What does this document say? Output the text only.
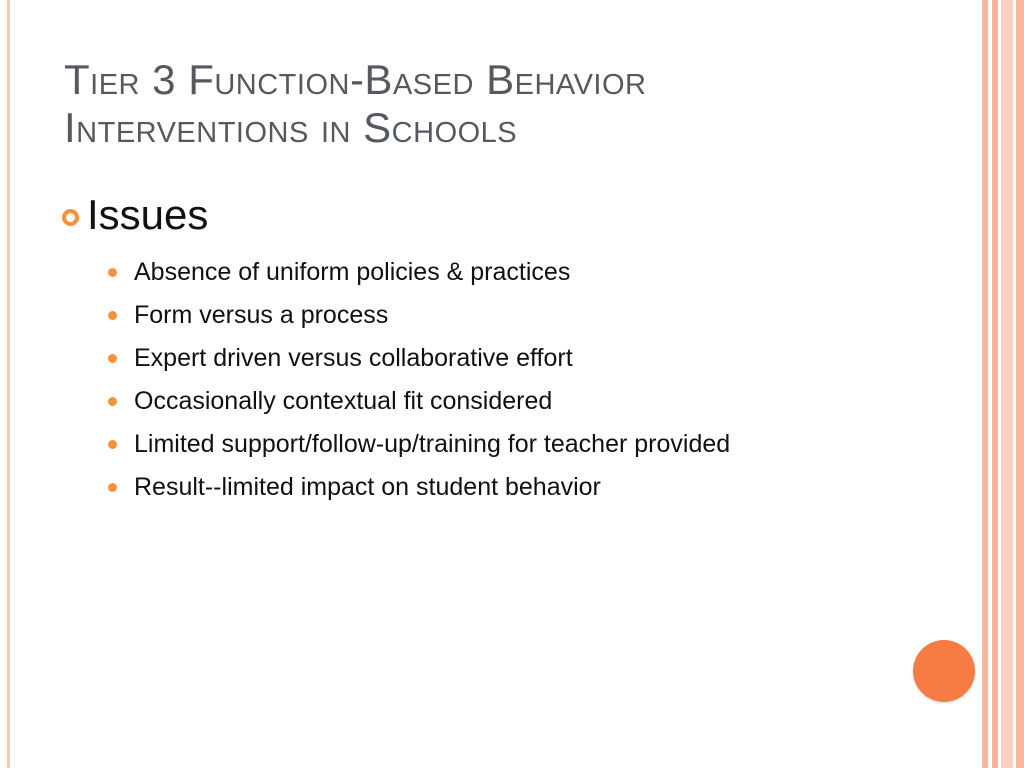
Tier 3 Function-Based Behavior
Interventions in Schools
Issues
Absence of uniform policies & practices
Form versus a process
Expert driven versus collaborative effort
Occasionally contextual fit considered
Limited support/follow-up/training for teacher provided
Result--limited impact on student behavior
